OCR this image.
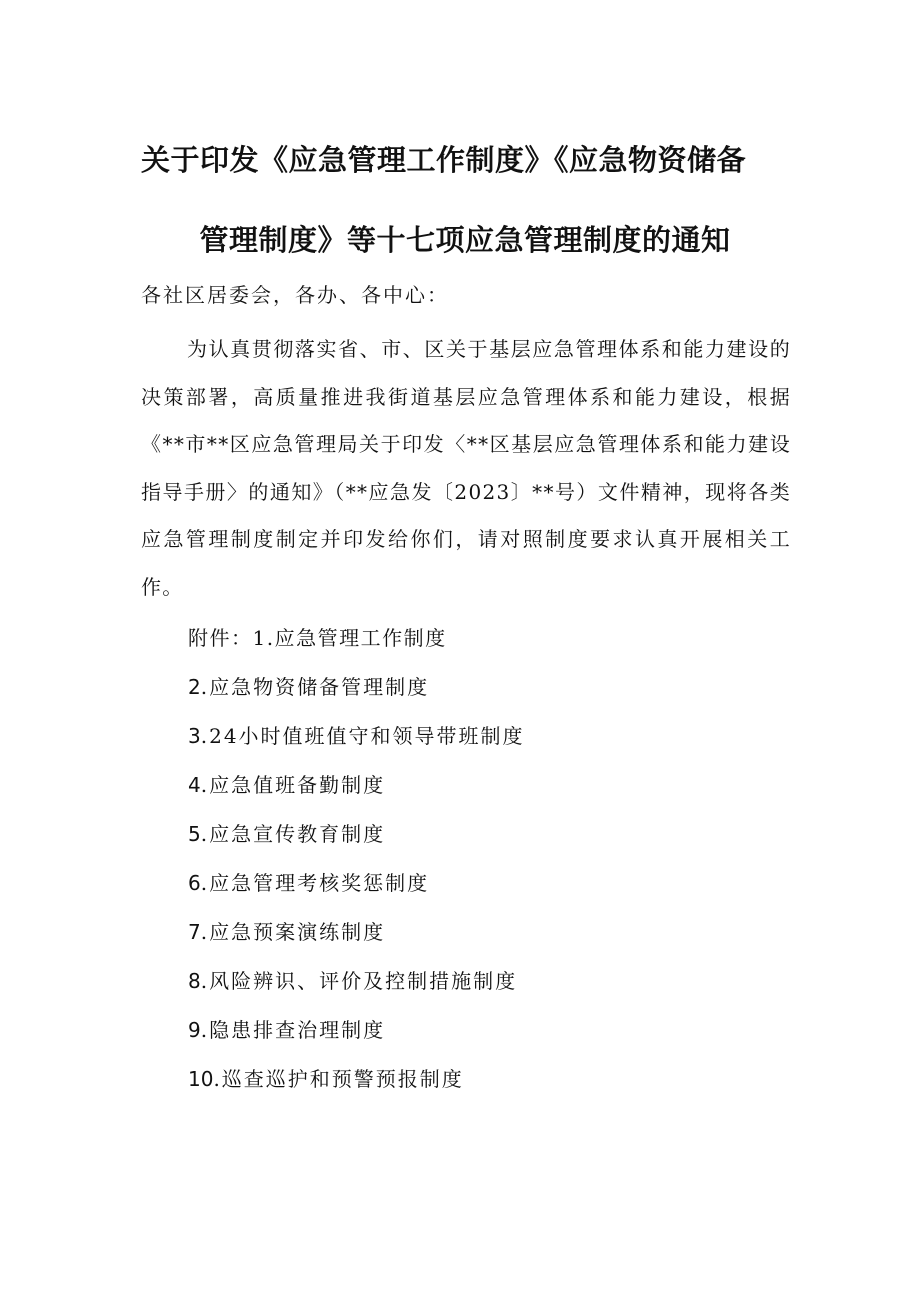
关于印发《应急管理工作制度》《应急物资储备
管理制度》等十七项应急管理制度的通知

各社区居委会，各办、各中心：

为认真贯彻落实省、市、区关于基层应急管理体系和能力建设的决策部署，高质量推进我街道基层应急管理体系和能力建设，根据《**市**区应急管理局关于印发〈**区基层应急管理体系和能力建设指导手册〉的通知》（**应急发〔2023〕**号）文件精神，现将各类应急管理制度制定并印发给你们，请对照制度要求认真开展相关工作。

附件：1.应急管理工作制度
2.应急物资储备管理制度
3.24小时值班值守和领导带班制度
4.应急值班备勤制度
5.应急宣传教育制度
6.应急管理考核奖惩制度
7.应急预案演练制度
8.风险辨识、评价及控制措施制度
9.隐患排查治理制度
10.巡查巡护和预警预报制度
